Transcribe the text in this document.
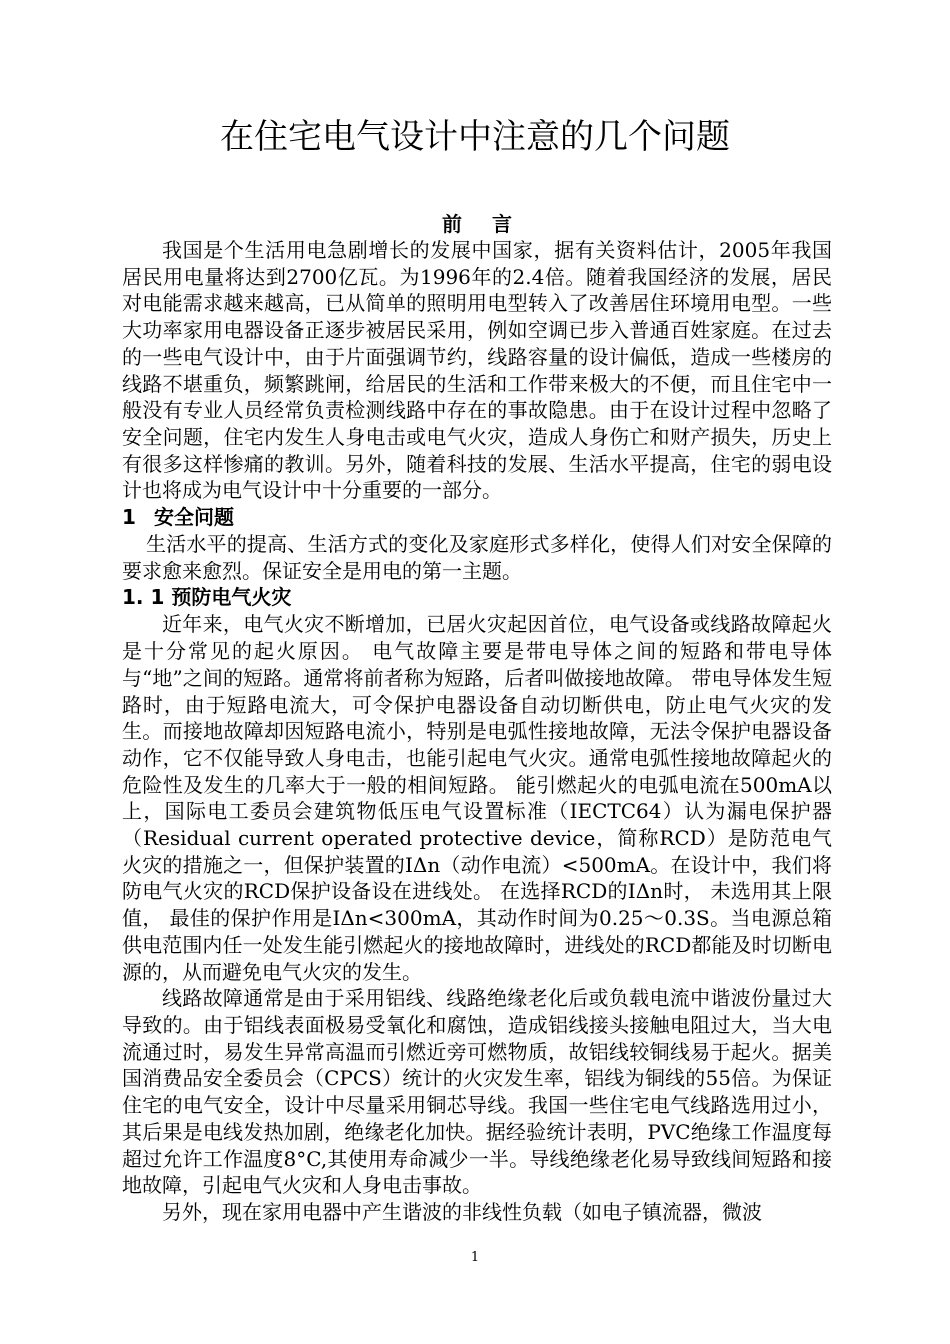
在住宅电气设计中注意的几个问题

前言

我国是个生活用电急剧增长的发展中国家，据有关资料估计，2005年我国居民用电量将达到2700亿瓦。为1996年的2.4倍。随着我国经济的发展，居民对电能需求越来越高，已从简单的照明用电型转入了改善居住环境用电型。一些大功率家用电器设备正逐步被居民采用，例如空调已步入普通百姓家庭。在过去的一些电气设计中，由于片面强调节约，线路容量的设计偏低，造成一些楼房的线路不堪重负，频繁跳闸，给居民的生活和工作带来极大的不便，而且住宅中一般没有专业人员经常负责检测线路中存在的事故隐患。由于在设计过程中忽略了安全问题，住宅内发生人身电击或电气火灾，造成人身伤亡和财产损失，历史上有很多这样惨痛的教训。另外，随着科技的发展、生活水平提高，住宅的弱电设计也将成为电气设计中十分重要的一部分。

1 安全问题

生活水平的提高、生活方式的变化及家庭形式多样化，使得人们对安全保障的要求愈来愈烈。保证安全是用电的第一主题。

1. 1 预防电气火灾

近年来，电气火灾不断增加，已居火灾起因首位，电气设备或线路故障起火是十分常见的起火原因。 电气故障主要是带电导体之间的短路和带电导体与“地”之间的短路。通常将前者称为短路，后者叫做接地故障。 带电导体发生短路时，由于短路电流大，可令保护电器设备自动切断供电，防止电气火灾的发生。而接地故障却因短路电流小，特别是电弧性接地故障，无法令保护电器设备动作，它不仅能导致人身电击，也能引起电气火灾。通常电弧性接地故障起火的危险性及发生的几率大于一般的相间短路。 能引燃起火的电弧电流在500mA以上，国际电工委员会建筑物低压电气设置标准（IECTC64）认为漏电保护器（Residual current operated protective device，简称RCD）是防范电气火灾的措施之一，但保护装置的IΔn（动作电流）<500mA。在设计中，我们将防电气火灾的RCD保护设备设在进线处。 在选择RCD的IΔn时， 未选用其上限值， 最佳的保护作用是IΔn<300mA，其动作时间为0.25～0.3S。当电源总箱供电范围内任一处发生能引燃起火的接地故障时，进线处的RCD都能及时切断电源的，从而避免电气火灾的发生。

线路故障通常是由于采用铝线、线路绝缘老化后或负载电流中谐波份量过大导致的。由于铝线表面极易受氧化和腐蚀，造成铝线接头接触电阻过大，当大电流通过时，易发生异常高温而引燃近旁可燃物质，故铝线较铜线易于起火。据美国消费品安全委员会（CPCS）统计的火灾发生率，铝线为铜线的55倍。为保证住宅的电气安全，设计中尽量采用铜芯导线。我国一些住宅电气线路选用过小，其后果是电线发热加剧，绝缘老化加快。据经验统计表明，PVC绝缘工作温度每超过允许工作温度8°C,其使用寿命减少一半。导线绝缘老化易导致线间短路和接地故障，引起电气火灾和人身电击事故。

另外，现在家用电器中产生谐波的非线性负载（如电子镇流器，微波

1
